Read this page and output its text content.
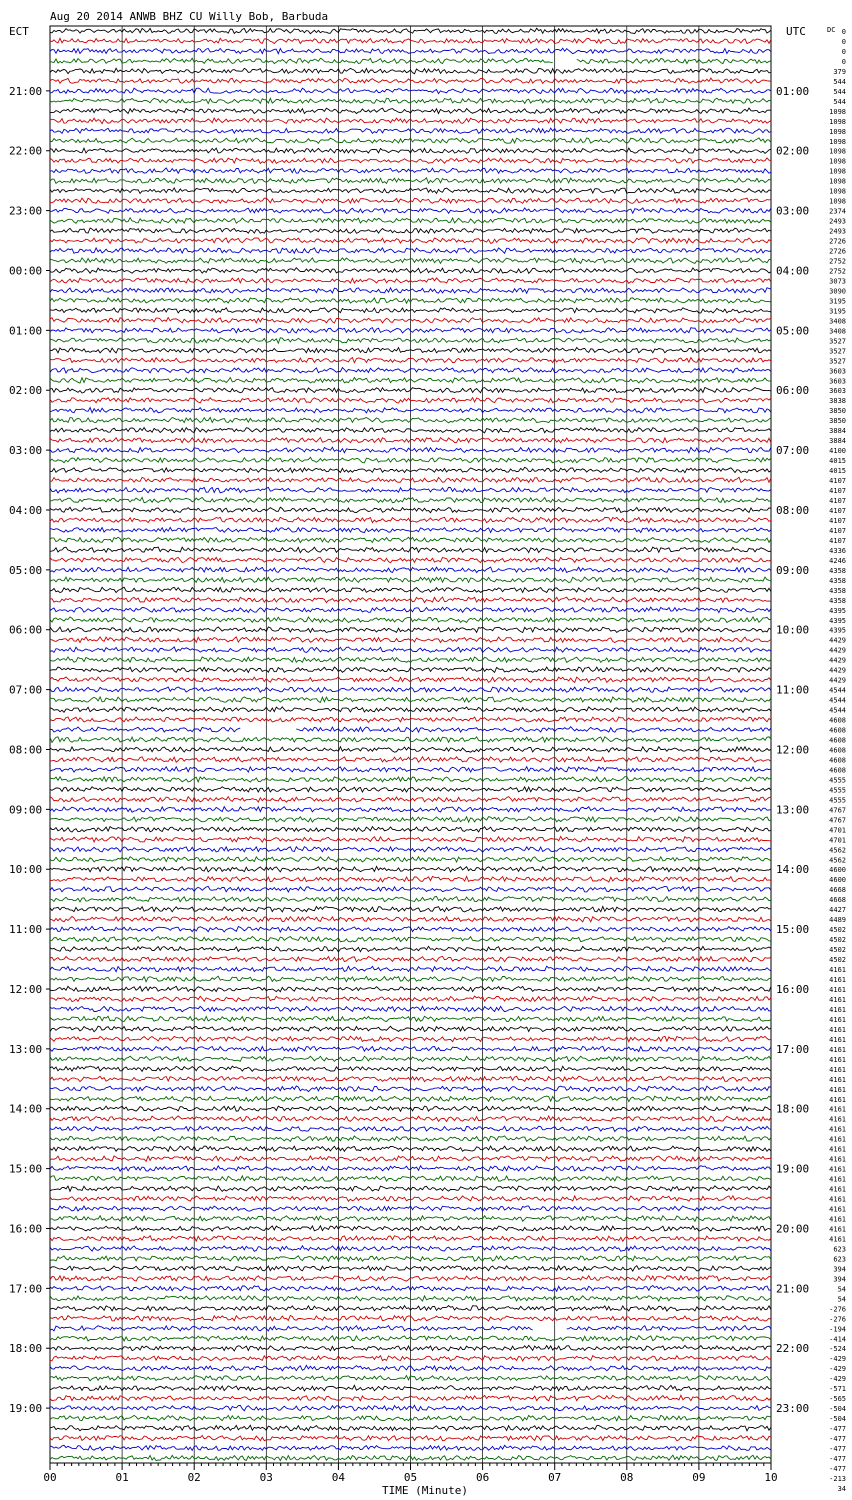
Aug 20 2014 ANWB BHZ CU Willy Bob, Barbuda
ECT	UTC	DC
TIME (Minute)
00	01	02	03	04	05	06	07	08	09	10
21:00
22:00
23:00
00:00
01:00
02:00
03:00
04:00
05:00
06:00
07:00
08:00
09:00
10:00
11:00
12:00
13:00
14:00
15:00
16:00
17:00
18:00
19:00
01:00
02:00
03:00
04:00
05:00
06:00
07:00
08:00
09:00
10:00
11:00
12:00
13:00
14:00
15:00
16:00
17:00
18:00
19:00
20:00
21:00
22:00
23:00
0
0
0
0
379
544
544
544
1098
1098
1098
1098
1098
1098
1098
1098
1098
1098
2374
2493
2493
2726
2726
2752
2752
3073
3090
3195
3195
3408
3408
3527
3527
3527
3603
3603
3603
3838
3850
3850
3884
3884
4100
4015
4015
4107
4107
4107
4107
4107
4107
4107
4336
4246
4358
4358
4358
4358
4395
4395
4395
4429
4429
4429
4429
4429
4544
4544
4544
4608
4608
4608
4608
4608
4608
4555
4555
4555
4767
4767
4701
4701
4562
4562
4600
4600
4668
4668
4427
4489
4502
4502
4502
4502
4161
4161
4161
4161
4161
4161
4161
4161
4161
4161
4161
4161
4161
4161
4161
4161
4161
4161
4161
4161
4161
4161
4161
4161
4161
4161
4161
4161
623
623
394
394
54
54
-276
-276
-194
-414
-524
-429
-429
-429
-571
-565
-504
-504
-477
-477
-477
-477
-477
-213
34
